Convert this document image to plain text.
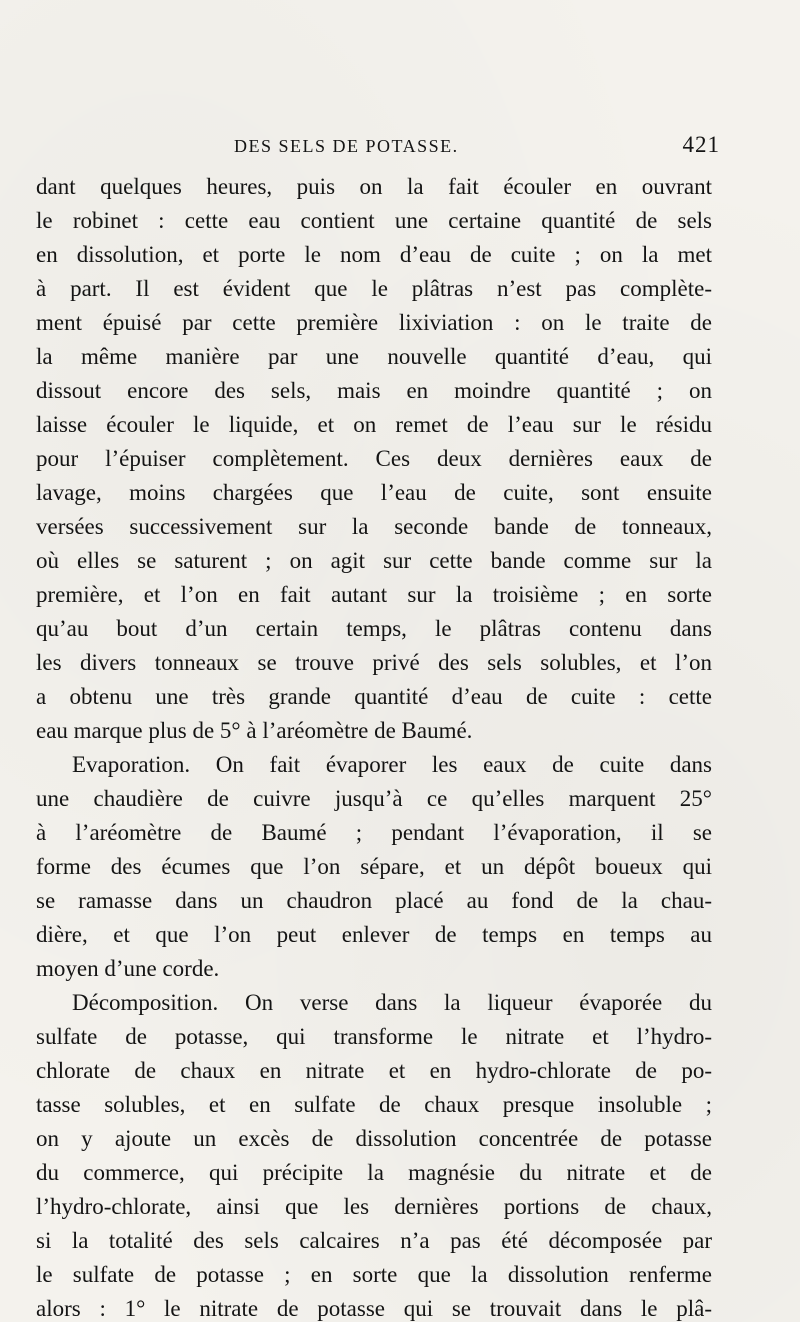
DES SELS DE POTASSE.	421
dant quelques heures, puis on la fait écouler en ouvrant
le robinet : cette eau contient une certaine quantité de sels
en dissolution, et porte le nom d’eau de cuite ; on la met
à part. Il est évident que le plâtras n’est pas complète-
ment épuisé par cette première lixiviation : on le traite de
la même manière par une nouvelle quantité d’eau, qui
dissout encore des sels, mais en moindre quantité ; on
laisse écouler le liquide, et on remet de l’eau sur le résidu
pour l’épuiser complètement. Ces deux dernières eaux de
lavage, moins chargées que l’eau de cuite, sont ensuite
versées successivement sur la seconde bande de tonneaux,
où elles se saturent ; on agit sur cette bande comme sur la
première, et l’on en fait autant sur la troisième ; en sorte
qu’au bout d’un certain temps, le plâtras contenu dans
les divers tonneaux se trouve privé des sels solubles, et l’on
a obtenu une très grande quantité d’eau de cuite : cette
eau marque plus de 5° à l’aréomètre de Baumé.
Evaporation. On fait évaporer les eaux de cuite dans
une chaudière de cuivre jusqu’à ce qu’elles marquent 25°
à l’aréomètre de Baumé ; pendant l’évaporation, il se
forme des écumes que l’on sépare, et un dépôt boueux qui
se ramasse dans un chaudron placé au fond de la chau-
dière, et que l’on peut enlever de temps en temps au
moyen d’une corde.
Décomposition. On verse dans la liqueur évaporée du
sulfate de potasse, qui transforme le nitrate et l’hydro-
chlorate de chaux en nitrate et en hydro-chlorate de po-
tasse solubles, et en sulfate de chaux presque insoluble ;
on y ajoute un excès de dissolution concentrée de potasse
du commerce, qui précipite la magnésie du nitrate et de
l’hydro-chlorate, ainsi que les dernières portions de chaux,
si la totalité des sels calcaires n’a pas été décomposée par
le sulfate de potasse ; en sorte que la dissolution renferme
alors : 1° le nitrate de potasse qui se trouvait dans le plâ-
